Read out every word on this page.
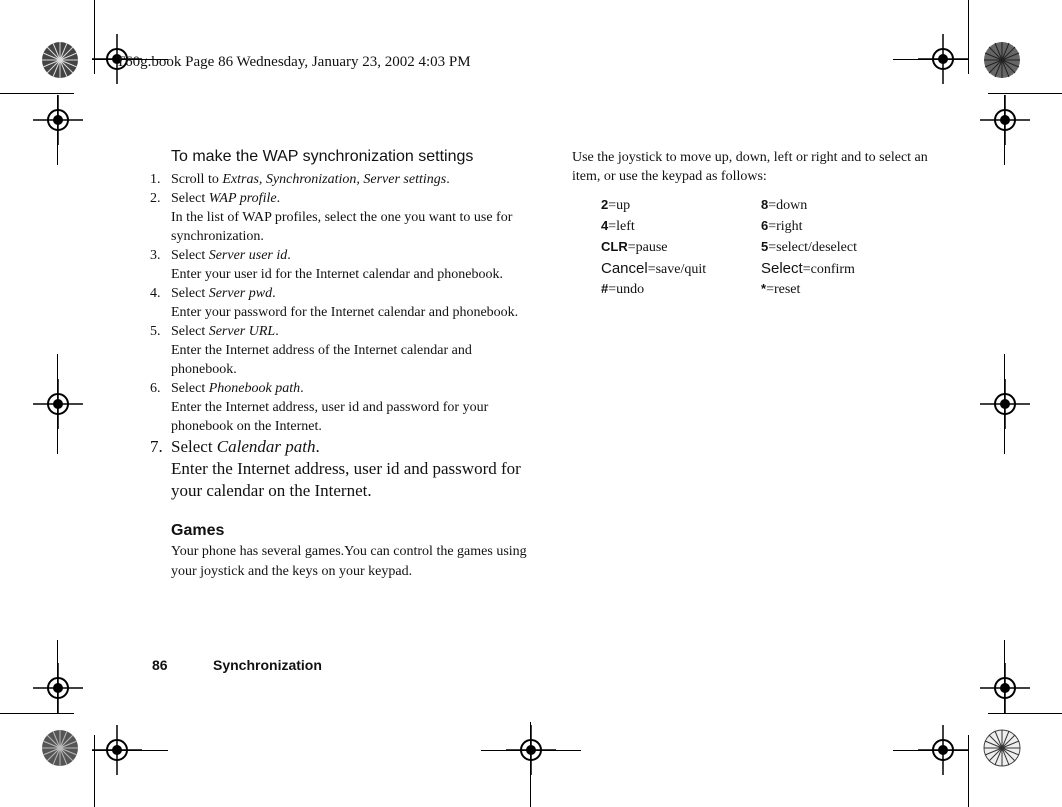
T60g.book Page 86 Wednesday, January 23, 2002 4:03 PM
To make the WAP synchronization settings
1. Scroll to Extras, Synchronization, Server settings.
2. Select WAP profile.
In the list of WAP profiles, select the one you want to use for synchronization.
3. Select Server user id.
Enter your user id for the Internet calendar and phonebook.
4. Select Server pwd.
Enter your password for the Internet calendar and phonebook.
5. Select Server URL.
Enter the Internet address of the Internet calendar and phonebook.
6. Select Phonebook path.
Enter the Internet address, user id and password for your phonebook on the Internet.
7. Select Calendar path.
Enter the Internet address, user id and password for your calendar on the Internet.
Games
Your phone has several games.You can control the games using your joystick and the keys on your keypad.
Use the joystick to move up, down, left or right and to select an item, or use the keypad as follows:
2=up	8=down
4=left	6=right
CLR=pause	5=select/deselect
Cancel=save/quit	Select=confirm
#=undo	*=reset
86	Synchronization
